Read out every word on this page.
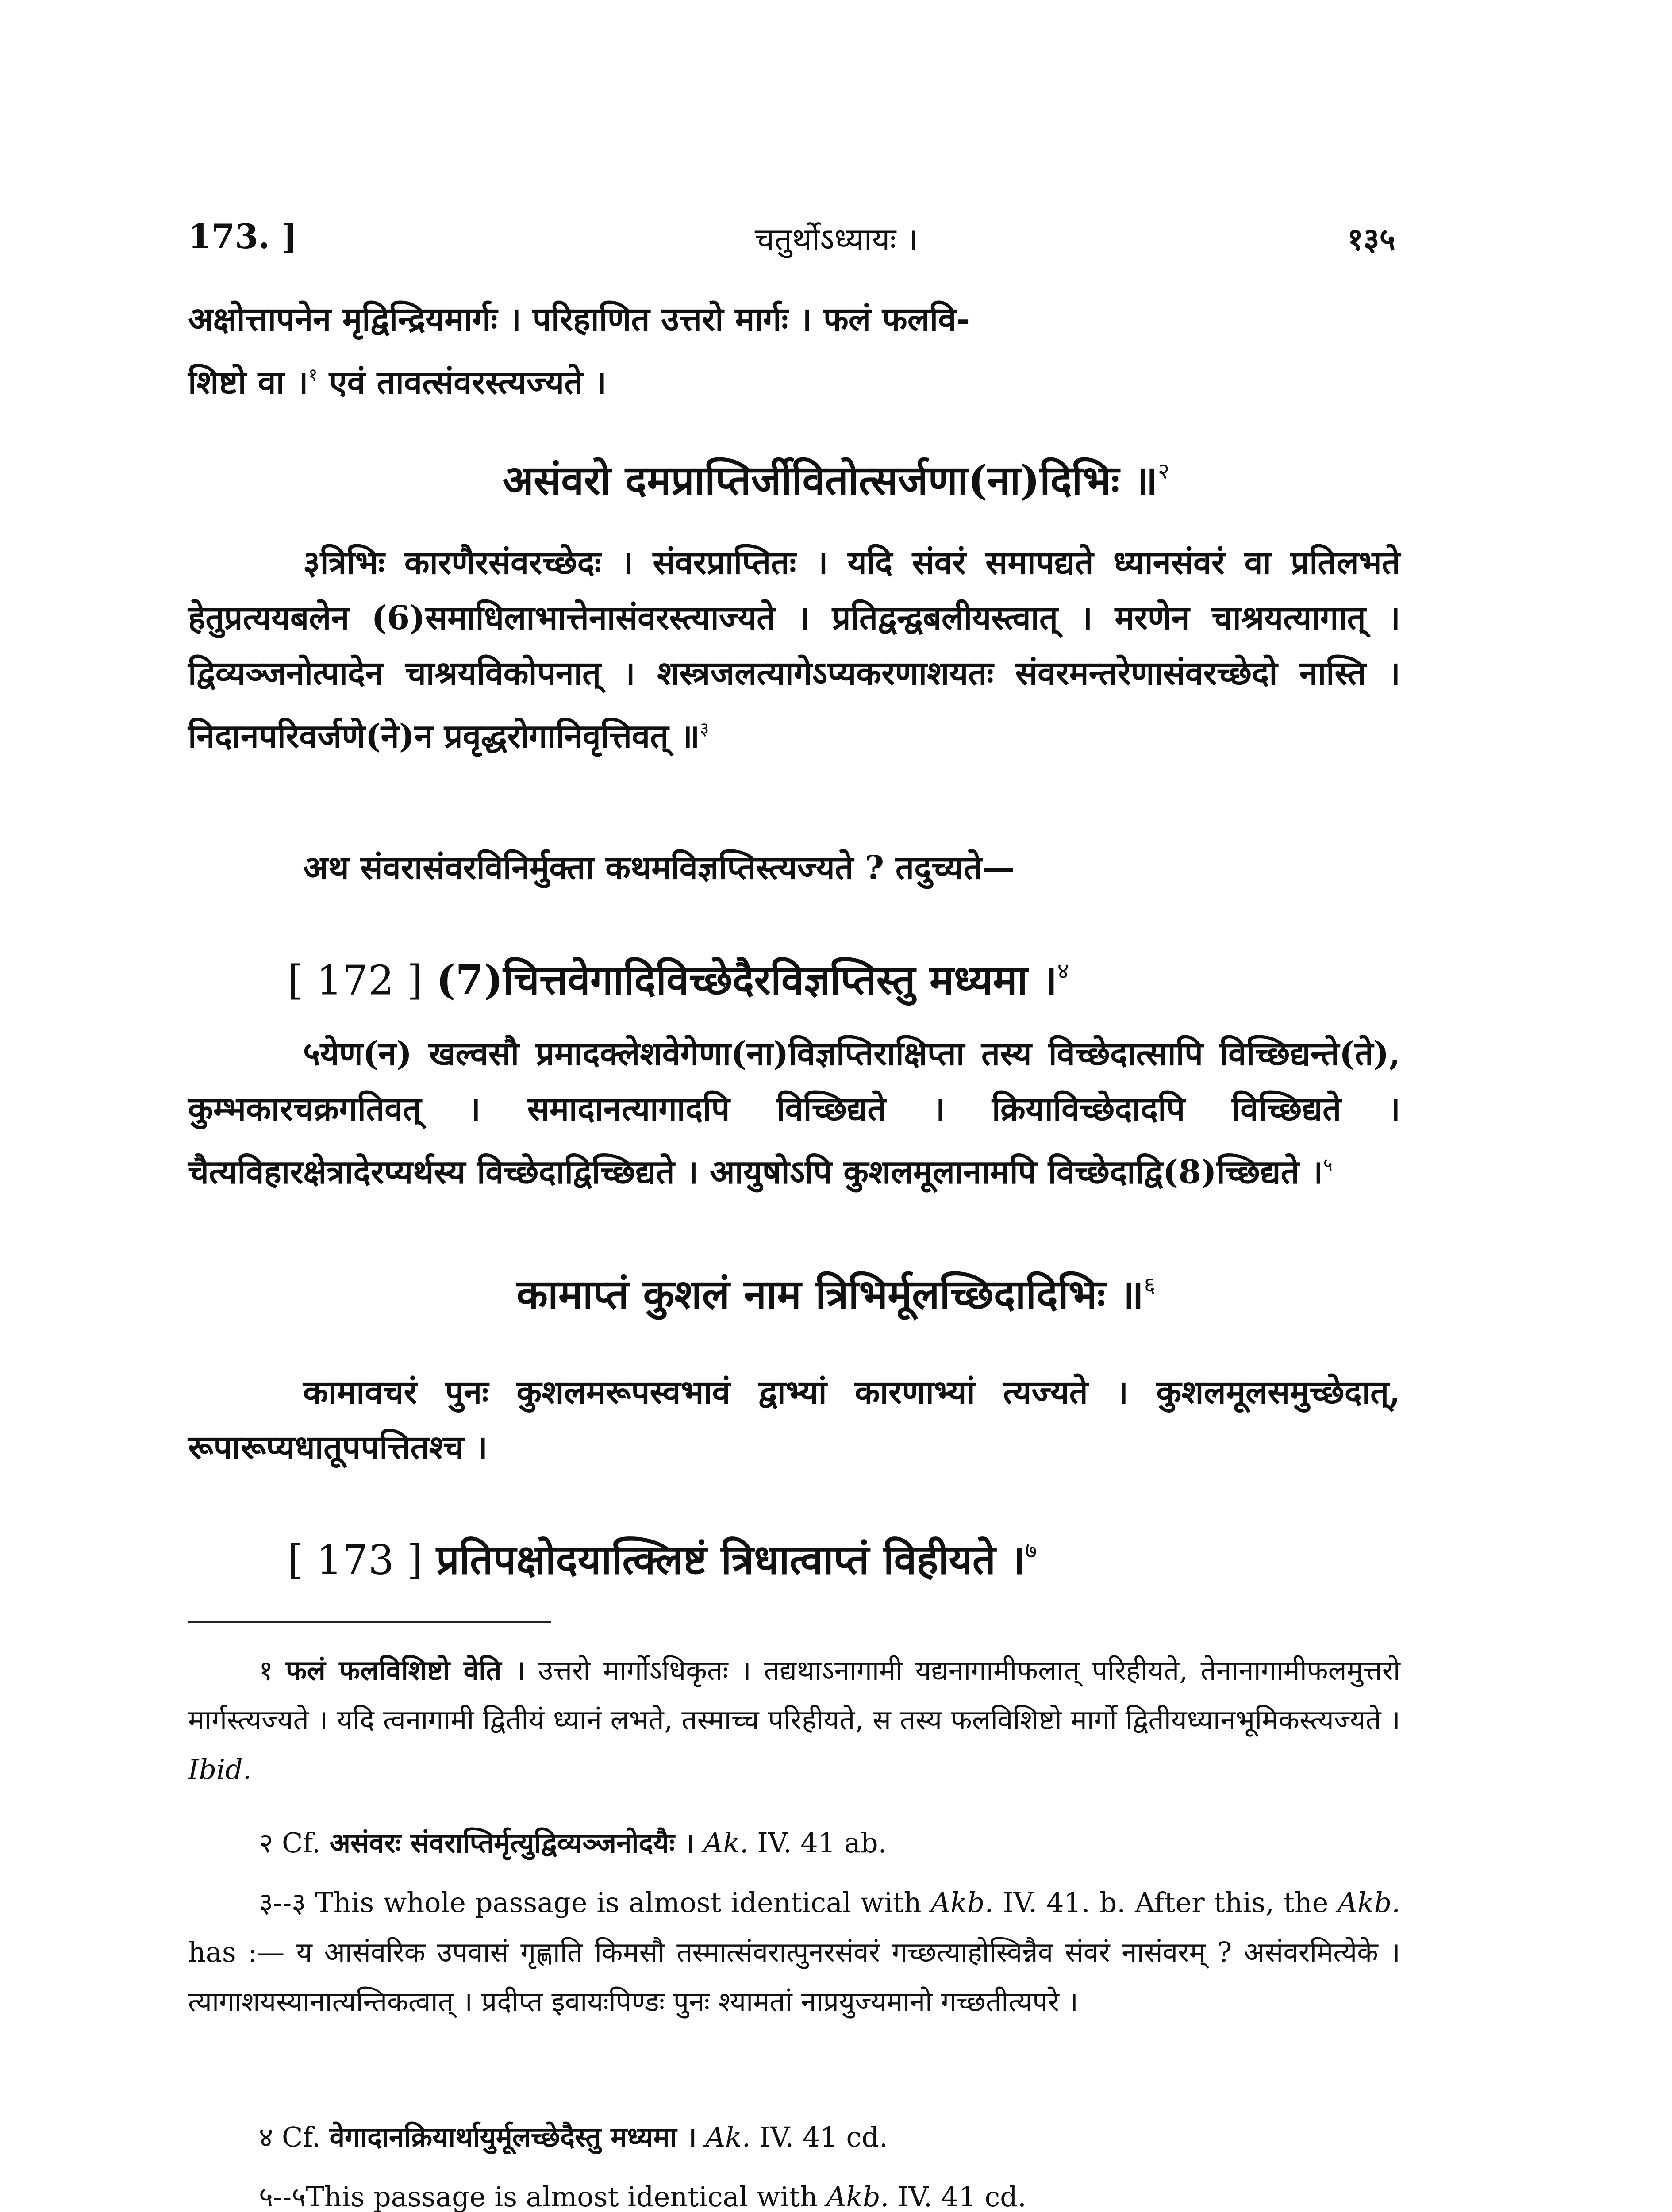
173. ]	चतुर्थोऽध्यायः ।	१३५
अक्षोत्तापनेन मृद्विन्द्रियमार्गः । परिहाणित उत्तरो मार्गः । फलं फलवि-
शिष्टो वा ।$^१$ एवं तावत्संवरस्त्यज्यते ।
असंवरो दमप्राप्तिर्जीवितोत्सर्जणा(ना)दिभिः ॥$^२$
३त्रिभिः कारणैरसंवरच्छेदः । संवरप्राप्तितः । यदि संवरं समापद्यते ध्यानसंवरं वा प्रतिलभते हेतुप्रत्ययबलेन (6)समाधिलाभात्तेनासंवरस्त्याज्यते । प्रतिद्वन्द्वबलीयस्त्वात् । मरणेन चाश्रयत्यागात् । द्विव्यञ्जनोत्पादेन चाश्रयविकोपनात् । शस्त्रजलत्यागेऽप्यकरणाशयतः संवरमन्तरेणासंवरच्छेदो नास्ति । निदानपरिवर्जणे(ने)न प्रवृद्धरोगानिवृत्तिवत् ॥$^३$
अथ संवरासंवरविनिर्मुक्ता कथमविज्ञप्तिस्त्यज्यते ? तदुच्यते—
[ 172 ] (7)चित्तवेगादिविच्छेदैरविज्ञप्तिस्तु मध्यमा ।$^४$
५येण(न) खल्वसौ प्रमादक्लेशवेगेणा(ना)विज्ञप्तिराक्षिप्ता तस्य विच्छेदात्सापि विच्छिद्यन्ते(ते), कुम्भकारचक्रगतिवत् । समादानत्यागादपि विच्छिद्यते । क्रियाविच्छेदादपि विच्छिद्यते । चैत्यविहारक्षेत्रादेरप्यर्थस्य विच्छेदाद्विच्छिद्यते । आयुषोऽपि कुशलमूलानामपि विच्छेदाद्वि(8)च्छिद्यते ।$^५$
कामाप्तं कुशलं नाम त्रिभिर्मूलच्छिदादिभिः ॥$^६$
कामावचरं पुनः कुशलमरूपस्वभावं द्वाभ्यां कारणाभ्यां त्यज्यते । कुशलमूलसमुच्छेदात्, रूपारूप्यधातूपपत्तितश्च ।
[ 173 ] प्रतिपक्षोदयात्क्लिष्टं त्रिधात्वाप्तं विहीयते ।$^७$
१ फलं फलविशिष्टो वेति । उत्तरो मार्गोऽधिकृतः । तद्यथाऽनागामी यद्यनागामीफलात् परिहीयते, तेनानागामीफलमुत्तरो मार्गस्त्यज्यते । यदि त्वनागामी द्वितीयं ध्यानं लभते, तस्माच्च परिहीयते, स तस्य फलविशिष्टो मार्गो द्वितीयध्यानभूमिकस्त्यज्यते । Ibid.
२ Cf. असंवरः संवराप्तिर्मृत्युद्विव्यञ्जनोदयैः । Ak. IV. 41 ab.
३--३ This whole passage is almost identical with Akb. IV. 41. b. After this, the Akb. has :— य आसंवरिक उपवासं गृह्णाति किमसौ तस्मात्संवरात्पुनरसंवरं गच्छत्याहोस्विन्नैव संवरं नासंवरम् ? असंवरमित्येके । त्यागाशयस्यानात्यन्तिकत्वात् । प्रदीप्त इवायःपिण्डः पुनः श्यामतां नाप्रयुज्यमानो गच्छतीत्यपरे ।
४ Cf. वेगादानक्रियार्थायुर्मूलच्छेदैस्तु मध्यमा । Ak. IV. 41 cd.
५--५This passage is almost identical with Akb. IV. 41 cd.
